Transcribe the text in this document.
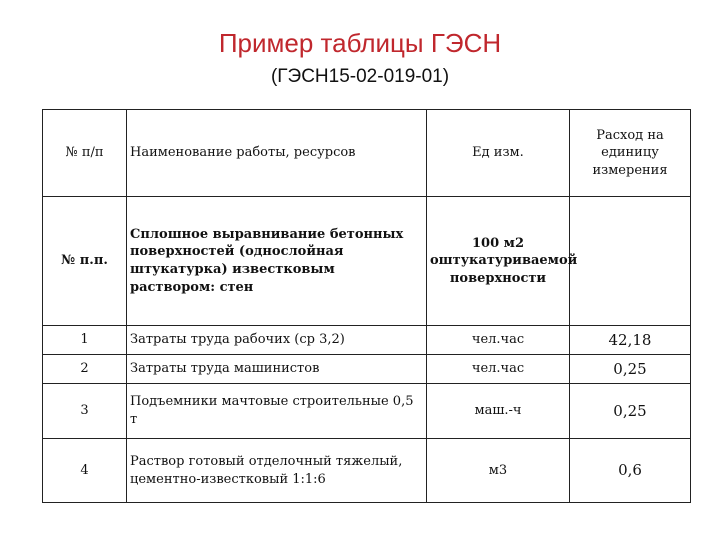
Пример таблицы ГЭСН
(ГЭСН15-02-019-01)
№ п/п	Наименование работы, ресурсов	Ед изм.	Расход на единицу измерения
№ п.п.	Сплошное выравнивание бетонных поверхностей (однослойная штукатурка) известковым раствором: стен	100 м2 оштукатуриваемой поверхности	
1	Затраты труда рабочих (ср 3,2)	чел.час	42,18
2	Затраты труда машинистов	чел.час	0,25
3	Подъемники мачтовые строительные 0,5 т	маш.-ч	0,25
4	Раствор готовый отделочный тяжелый, цементно-известковый 1:1:6	м3	0,6
